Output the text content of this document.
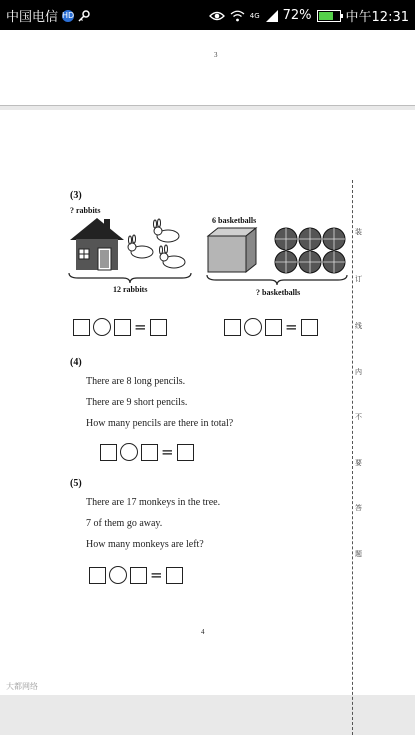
中国电信 HD	4G 72%	中午12:31
3
(3)
? rabbits
12 rabbits
6 basketballs
? basketballs
=	=
(4)
There are 8 long pencils.
There are 9 short pencils.
How many pencils are there in total?
=
(5)
There are 17 monkeys in the tree.
7 of them go away.
How many monkeys are left?
=
装
订
线
内
不
要
答
题
4
大都网络
